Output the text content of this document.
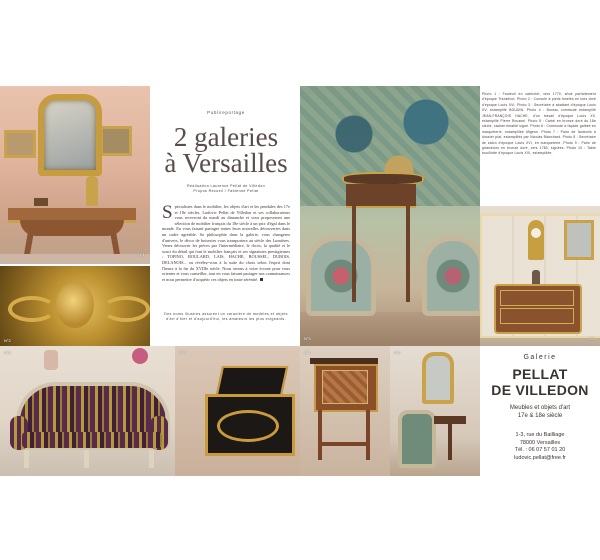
N°1
N°2
Publireportage
2 galeries
à Versailles
Réalisation Laurence Pellat de Villedon
Propos Recueil / Fabienne Pellat
Spécialistes dans le mobilier, les objets d'art et les pendules des 17e et 18e siècles, Ludovic Pellat de Villedon et ses collaborateurs vous recevront du mardi au dimanche et vous proposeront une sélection de mobilier français du 18e siècle à un prix d'égal dans le monde. En vous faisant partager toutes leurs nouvelles découvertes dans un cadre agréable. Sa philosophie dans la galerie, vous changerez d'univers, le décor de boiseries vous transportera au siècle des Lumières. Venez découvrir les pièces par l'intermédiaire, le choix, la qualité et le souci du détail qui font le mobilier français et ses signatures prestigieuses : TOPINO, BOULARD, LAIS, HACHE, ROUSSEL, DUBOIS, DELANOIS... ou révélez-vous à la suite du choix selon l'esprit dont l'heure à la fin du XVIIIe siècle. Nous serons à votre écoute pour vous orienter et vous conseiller, tout en vous faisant partager nos connaissances et nous permettre d'acquérir ces objets en toute sérénité.
Des noms illustres assurent un caractère de modèles et objets d'art d'hier et d'aujourd'hui, les amateurs les plus exigeants.
N°3	N°4
N°5
Photo 1 : Fauteuil en cabriolet, vers 1770, situé parfaitement d'époque Transition. Photo 2 : Console à pieds fuselés en bois doré d'époque Louis XVI. Photo 3 : Secrétaire à abattant d'époque Louis XV, estampillé BOUDIN. Photo 4 : Bureau commode estampillé JEAN-FRANÇOIS HACHE, d'un travail d'époque Louis XV, estampillé Pierre Roussel. Photo 5 : Cartel en bronze doré du 18e siècle, cadran émaillé signé. Photo 6 : Commode à façade galbée en marqueterie, estampillée Migeon. Photo 7 : Paire de fauteuils à dossier plat, estampillés par Nicolas Blanchard. Photo 8 : Secrétaire de salon d'époque Louis XVI, en marqueterie. Photo 9 : Paire de girandoles en bronze doré, vers 1780, signées. Photo 10 : Table bouillotte d'époque Louis XVI, estampillée.
N°6
N°7	N°8
Galerie
PELLAT
DE VILLEDON
Meubles et objets d'art
17e & 18e siècle
1-3, rue du Bailliage
78000 Versailles
Tél. : 06 07 57 01 20
ludovic.pellat@free.fr
